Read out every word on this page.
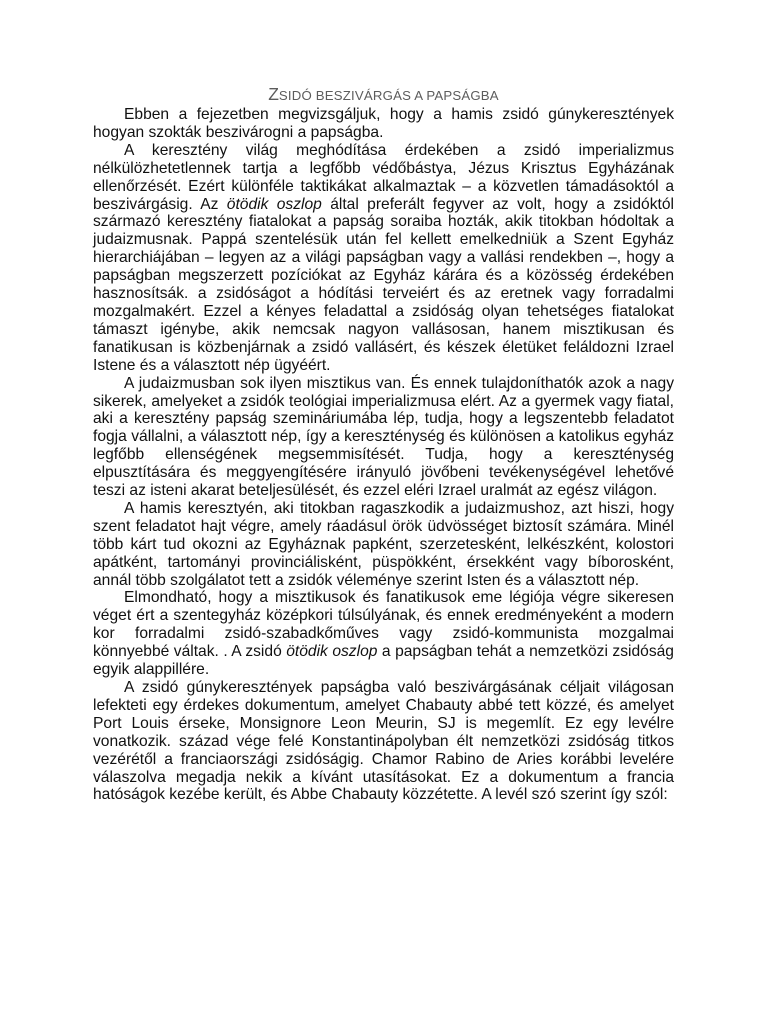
ZSIDÓ BESZIVÁRGÁS A PAPSÁGBA

Ebben a fejezetben megvizsgáljuk, hogy a hamis zsidó gúnykeresztények hogyan szokták beszivárogni a papságba.

A keresztény világ meghódítása érdekében a zsidó imperializmus nélkülözhetetlennek tartja a legfőbb védőbástya, Jézus Krisztus Egyházának ellenőrzését. Ezért különféle taktikákat alkalmaztak – a közvetlen támadásoktól a beszivárgásig. Az ötödik oszlop által preferált fegyver az volt, hogy a zsidóktól származó keresztény fiatalokat a papság soraiba hozták, akik titokban hódoltak a judaizmusnak. Pappá szentelésük után fel kellett emelkedniük a Szent Egyház hierarchiájában – legyen az a világi papságban vagy a vallási rendekben –, hogy a papságban megszerzett pozíciókat az Egyház kárára és a közösség érdekében hasznosítsák. a zsidóságot a hódítási terveiért és az eretnek vagy forradalmi mozgalmakért. Ezzel a kényes feladattal a zsidóság olyan tehetséges fiatalokat támaszt igénybe, akik nemcsak nagyon vallásosan, hanem misztikusan és fanatikusan is közbenjárnak a zsidó vallásért, és készek életüket feláldozni Izrael Istene és a választott nép ügyéért.

A judaizmusban sok ilyen misztikus van. És ennek tulajdoníthatók azok a nagy sikerek, amelyeket a zsidók teológiai imperializmusa elért. Az a gyermek vagy fiatal, aki a keresztény papság szemináriumába lép, tudja, hogy a legszentebb feladatot fogja vállalni, a választott nép, így a kereszténység és különösen a katolikus egyház legfőbb ellenségének megsemmisítését. Tudja, hogy a kereszténység elpusztítására és meggyengítésére irányuló jövőbeni tevékenységével lehetővé teszi az isteni akarat beteljesülését, és ezzel eléri Izrael uralmát az egész világon.

A hamis keresztyén, aki titokban ragaszkodik a judaizmushoz, azt hiszi, hogy szent feladatot hajt végre, amely ráadásul örök üdvösséget biztosít számára. Minél több kárt tud okozni az Egyháznak papként, szerzetesként, lelkészként, kolostori apátként, tartományi provinciálisként, püspökként, érsekként vagy bíborosként, annál több szolgálatot tett a zsidók véleménye szerint Isten és a választott nép.

Elmondható, hogy a misztikusok és fanatikusok eme légiója végre sikeresen véget ért a szentegyház középkori túlsúlyának, és ennek eredményeként a modern kor forradalmi zsidó-szabadkőműves vagy zsidó-kommunista mozgalmai könnyebbé váltak. . A zsidó ötödik oszlop a papságban tehát a nemzetközi zsidóság egyik alappillére.

A zsidó gúnykeresztények papságba való beszivárgásának céljait világosan lefekteti egy érdekes dokumentum, amelyet Chabauty abbé tett közzé, és amelyet Port Louis érseke, Monsignore Leon Meurin, SJ is megemlít. Ez egy levélre vonatkozik. század vége felé Konstantinápolyban élt nemzetközi zsidóság titkos vezérétől a franciaországi zsidóságig. Chamor Rabino de Aries korábbi levelére válaszolva megadja nekik a kívánt utasításokat. Ez a dokumentum a francia hatóságok kezébe került, és Abbe Chabauty közzétette. A levél szó szerint így szól:
